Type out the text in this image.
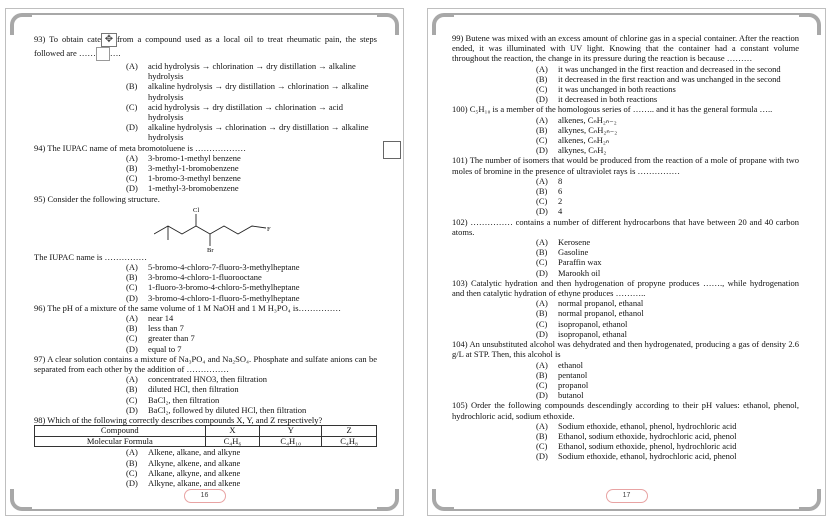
93) To obtain cate ✥ from a compound used as a local oil to treat rheumatic pain, the steps followed are …… ….
(A)	acid hydrolysis → chlorination → dry distillation → alkaline hydrolysis
(B)	alkaline hydrolysis → dry distillation → chlorination → alkaline hydrolysis
(C)	acid hydrolysis → dry distillation → chlorination → acid hydrolysis
(D)	alkaline hydrolysis → chlorination → dry distillation → alkaline hydrolysis
94) The IUPAC name of meta bromotoluene is ………………
(A)	3-bromo-1-methyl benzene
(B)	3-methyl-1-bromobenzene
(C)	1-bromo-3-methyl benzene
(D)	1-methyl-3-bromobenzene
95) Consider the following structure.
Cl
Br
F
The IUPAC name is ……………
(A)	5-bromo-4-chloro-7-fluoro-3-methylheptane
(B)	3-bromo-4-chloro-1-fluorooctane
(C)	1-fluoro-3-bromo-4-chloro-5-methylheptane
(D)	3-bromo-4-chloro-1-fluoro-5-methylheptane
96) The pH of a mixture of the same volume of 1 M NaOH and 1 M H₃PO₄ is……………
(A)	near 14
(B)	less than 7
(C)	greater than 7
(D)	equal to 7
97) A clear solution contains a mixture of Na₃PO₄ and Na₂SO₄. Phosphate and sulfate anions can be separated from each other by the addition of ……………
(A)	concentrated HNO3, then filtration
(B)	diluted HCl, then filtration
(C)	BaCl₂, then filtration
(D)	BaCl₂, followed by diluted HCl, then filtration
98) Which of the following correctly describes compounds X, Y, and Z respectively?
Compound	X	Y	Z
Molecular Formula	C₄H₆	C₄H₁₀	C₄H₈
(A)	Alkene, alkane, and alkyne
(B)	Alkyne, alkene, and alkane
(C)	Alkane, alkyne, and alkene
(D)	Alkyne, alkane, and alkene
16
99) Butene was mixed with an excess amount of chlorine gas in a special container. After the reaction ended, it was illuminated with UV light. Knowing that the container had a constant volume throughout the reaction, the change in its pressure during the reaction is because ………
(A)	it was unchanged in the first reaction and decreased in the second
(B)	it decreased in the first reaction and was unchanged in the second
(C)	it was unchanged in both reactions
(D)	it decreased in both reactions
100) C₅H₁₀ is a member of the homologous series of …….. and it has the general formula …..
(A)	alkenes, CₙH₂ₙ₋₂
(B)	alkynes, CₙH₂ₙ₋₂
(C)	alkenes, CₙH₂ₙ
(D)	alkynes, CₙH₂
101) The number of isomers that would be produced from the reaction of a mole of propane with two moles of bromine in the presence of ultraviolet rays is ……………
(A)	8
(B)	6
(C)	2
(D)	4
102) …………… contains a number of different hydrocarbons that have between 20 and 40 carbon atoms.
(A)	Kerosene
(B)	Gasoline
(C)	Paraffin wax
(D)	Marookh oil
103) Catalytic hydration and then hydrogenation of propyne produces ……., while hydrogenation and then catalytic hydration of ethyne produces ………..
(A)	normal propanol, ethanal
(B)	normal propanol, ethanol
(C)	isopropanol, ethanol
(D)	isopropanol, ethanal
104) An unsubstituted alcohol was dehydrated and then hydrogenated, producing a gas of density 2.6 g/L at STP. Then, this alcohol is
(A)	ethanol
(B)	pentanol
(C)	propanol
(D)	butanol
105) Order the following compounds descendingly according to their pH values: ethanol, phenol, hydrochloric acid, sodium ethoxide.
(A)	Sodium ethoxide, ethanol, phenol, hydrochloric acid
(B)	Ethanol, sodium ethoxide, hydrochloric acid, phenol
(C)	Ethanol, sodium ethoxide, phenol, hydrochloric acid
(D)	Sodium ethoxide, ethanol, hydrochloric acid, phenol
17
